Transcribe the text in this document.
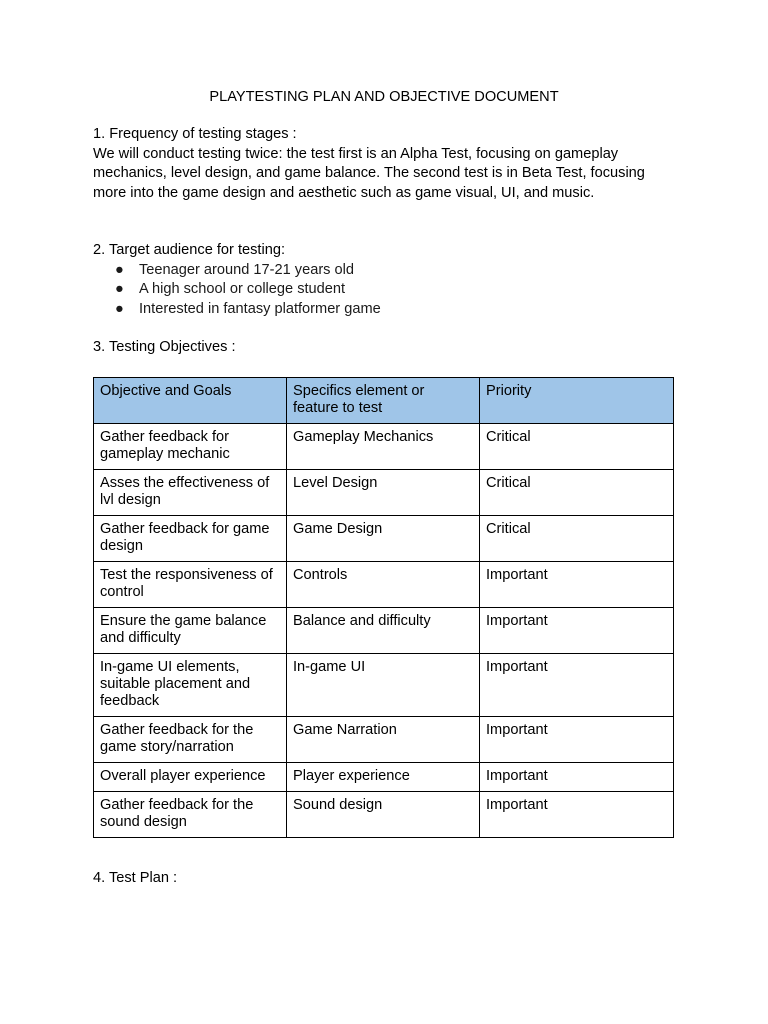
PLAYTESTING PLAN AND OBJECTIVE DOCUMENT

1. Frequency of testing stages :

We will conduct testing twice: the test first is an Alpha Test, focusing on gameplay mechanics, level design, and game balance. The second test is in Beta Test, focusing more into the game design and aesthetic such as game visual, UI, and music.

2. Target audience for testing:

● Teenager around 17-21 years old
● A high school or college student
● Interested in fantasy platformer game

3. Testing Objectives :

Objective and Goals	Specifics element or feature to test	Priority
Gather feedback for gameplay mechanic	Gameplay Mechanics	Critical
Asses the effectiveness of lvl design	Level Design	Critical
Gather feedback for game design	Game Design	Critical
Test the responsiveness of control	Controls	Important
Ensure the game balance and difficulty	Balance and difficulty	Important
In-game UI elements, suitable placement and feedback	In-game UI	Important
Gather feedback for the game story/narration	Game Narration	Important
Overall player experience	Player experience	Important
Gather feedback for the sound design	Sound design	Important

4. Test Plan :
